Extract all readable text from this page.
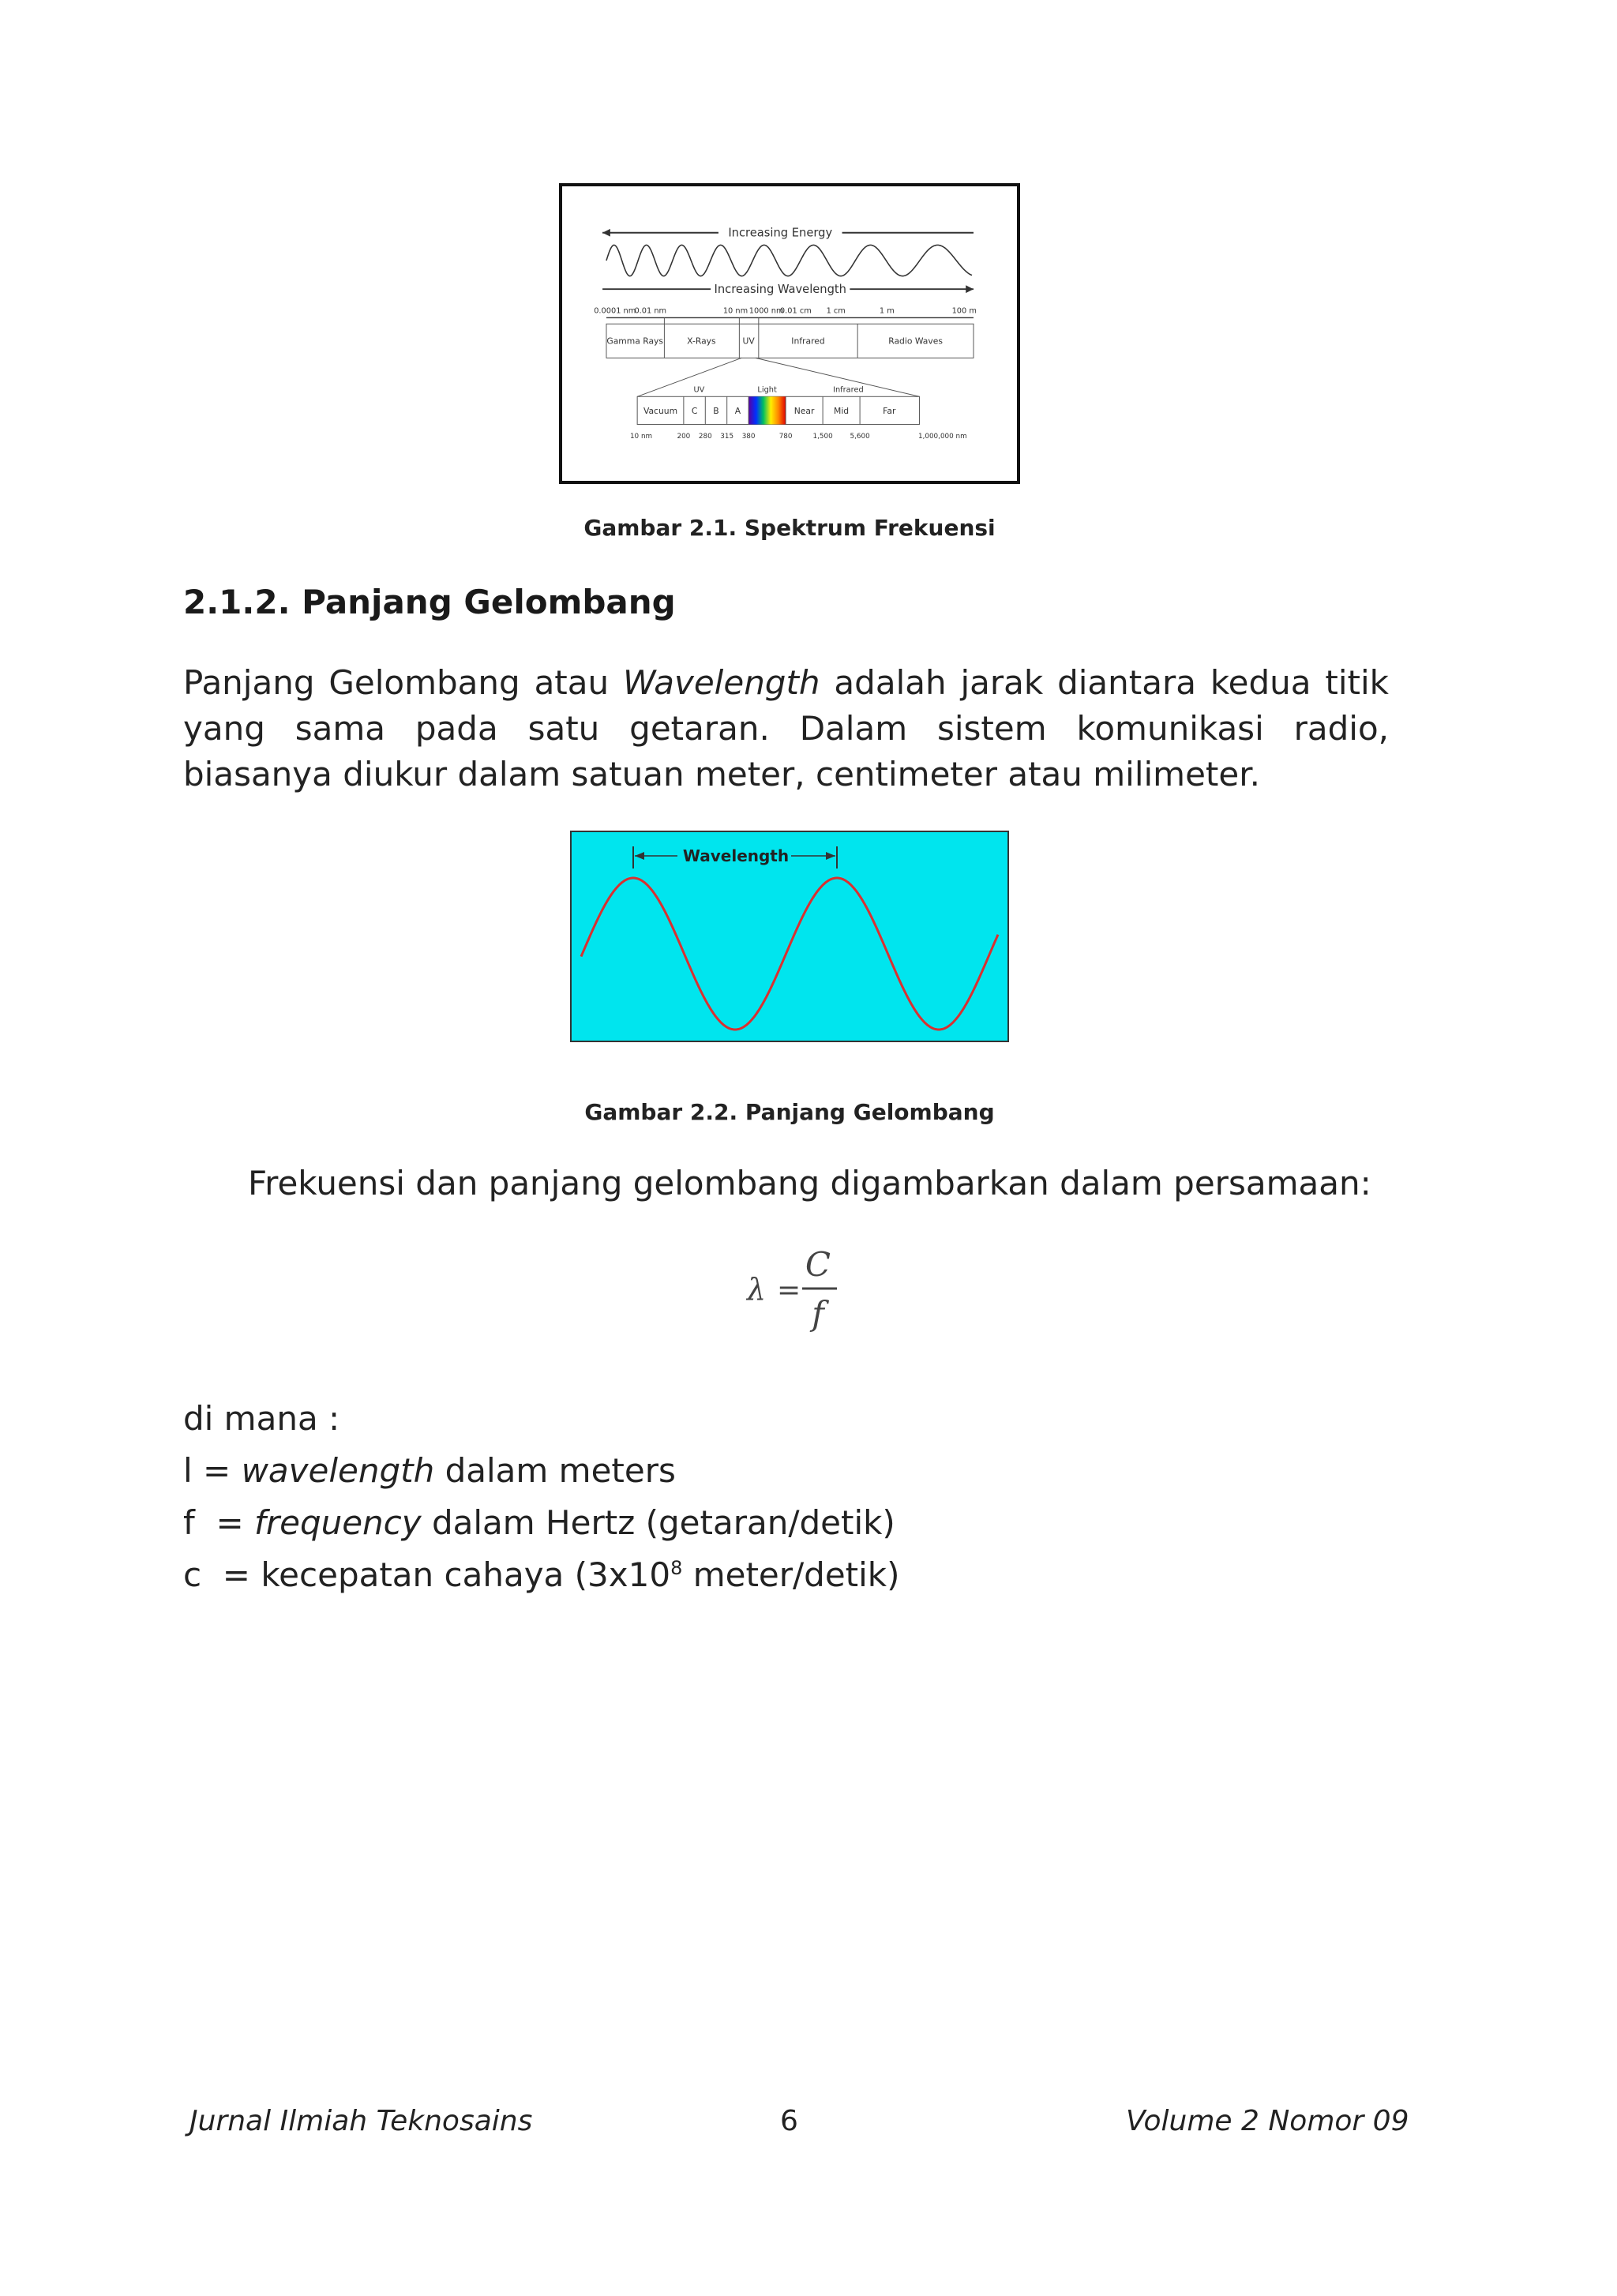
Increasing Energy
Increasing Wavelength
0.0001 nm
0.01 nm	10 nm 1000 nm
0.01 cm 1 cm	1 m	100 m
Gamma Rays	X-Rays	UV	Infrared	Radio Waves
UV	Light	Infrared
Vacuum C B A	Near Mid	Far
10 nm	200 280 315 380	780	1,500 5,600	1,000,000 nm
Gambar 2.1. Spektrum Frekuensi
2.1.2. Panjang Gelombang
Panjang Gelombang atau Wavelength adalah jarak diantara kedua titik yang sama pada satu getaran. Dalam sistem komunikasi radio, biasanya diukur dalam satuan meter, centimeter atau milimeter.
Wavelength
Gambar 2.2. Panjang Gelombang
Frekuensi dan panjang gelombang digambarkan dalam persamaan:
λ =
C
f
di mana :
l = wavelength dalam meters
f  = frequency dalam Hertz (getaran/detik)
c  = kecepatan cahaya ($3x10^8$ meter/detik)
Jurnal Ilmiah Teknosains	6	Volume 2 Nomor 09
